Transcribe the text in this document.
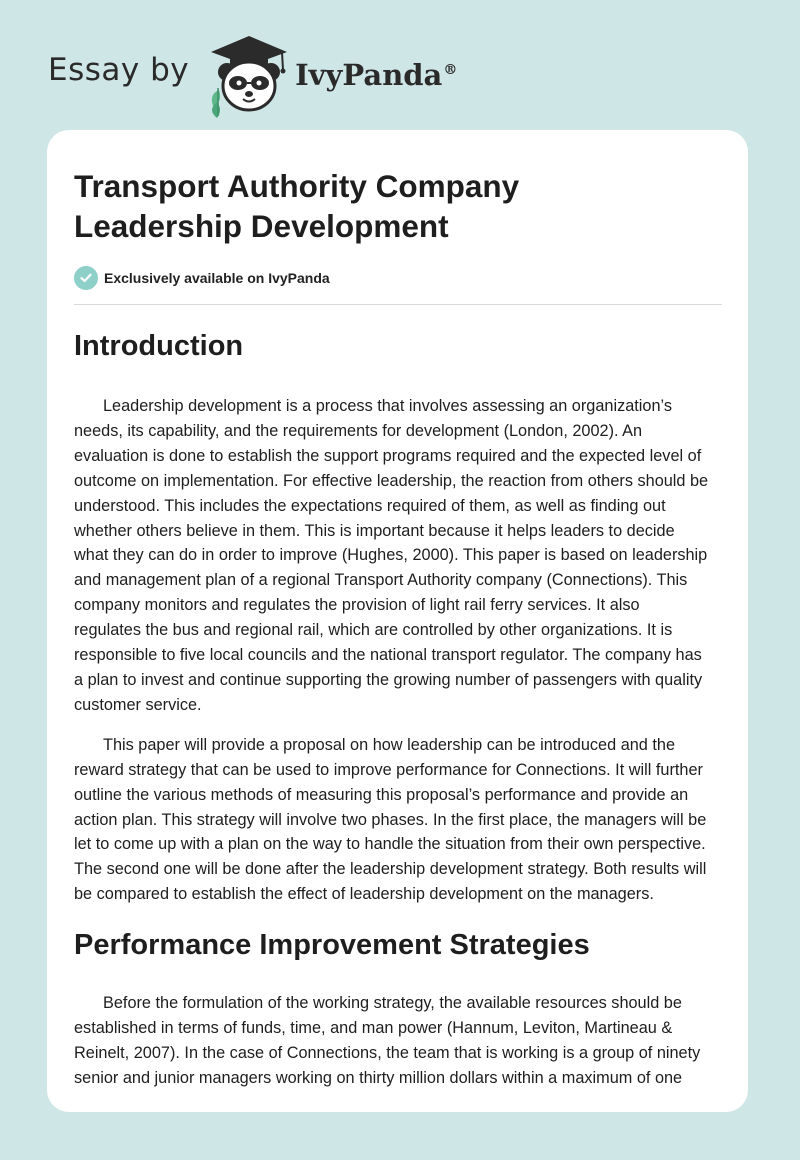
Essay by	IvyPanda®
Transport Authority Company
Leadership Development
Exclusively available on IvyPanda
Introduction

Leadership development is a process that involves assessing an organization’s
needs, its capability, and the requirements for development (London, 2002). An
evaluation is done to establish the support programs required and the expected level of
outcome on implementation. For effective leadership, the reaction from others should be
understood. This includes the expectations required of them, as well as finding out
whether others believe in them. This is important because it helps leaders to decide
what they can do in order to improve (Hughes, 2000). This paper is based on leadership
and management plan of a regional Transport Authority company (Connections). This
company monitors and regulates the provision of light rail ferry services. It also
regulates the bus and regional rail, which are controlled by other organizations. It is
responsible to five local councils and the national transport regulator. The company has
a plan to invest and continue supporting the growing number of passengers with quality
customer service.

This paper will provide a proposal on how leadership can be introduced and the
reward strategy that can be used to improve performance for Connections. It will further
outline the various methods of measuring this proposal’s performance and provide an
action plan. This strategy will involve two phases. In the first place, the managers will be
let to come up with a plan on the way to handle the situation from their own perspective.
The second one will be done after the leadership development strategy. Both results will
be compared to establish the effect of leadership development on the managers.

Performance Improvement Strategies

Before the formulation of the working strategy, the available resources should be
established in terms of funds, time, and man power (Hannum, Leviton, Martineau &
Reinelt, 2007). In the case of Connections, the team that is working is a group of ninety
senior and junior managers working on thirty million dollars within a maximum of one
